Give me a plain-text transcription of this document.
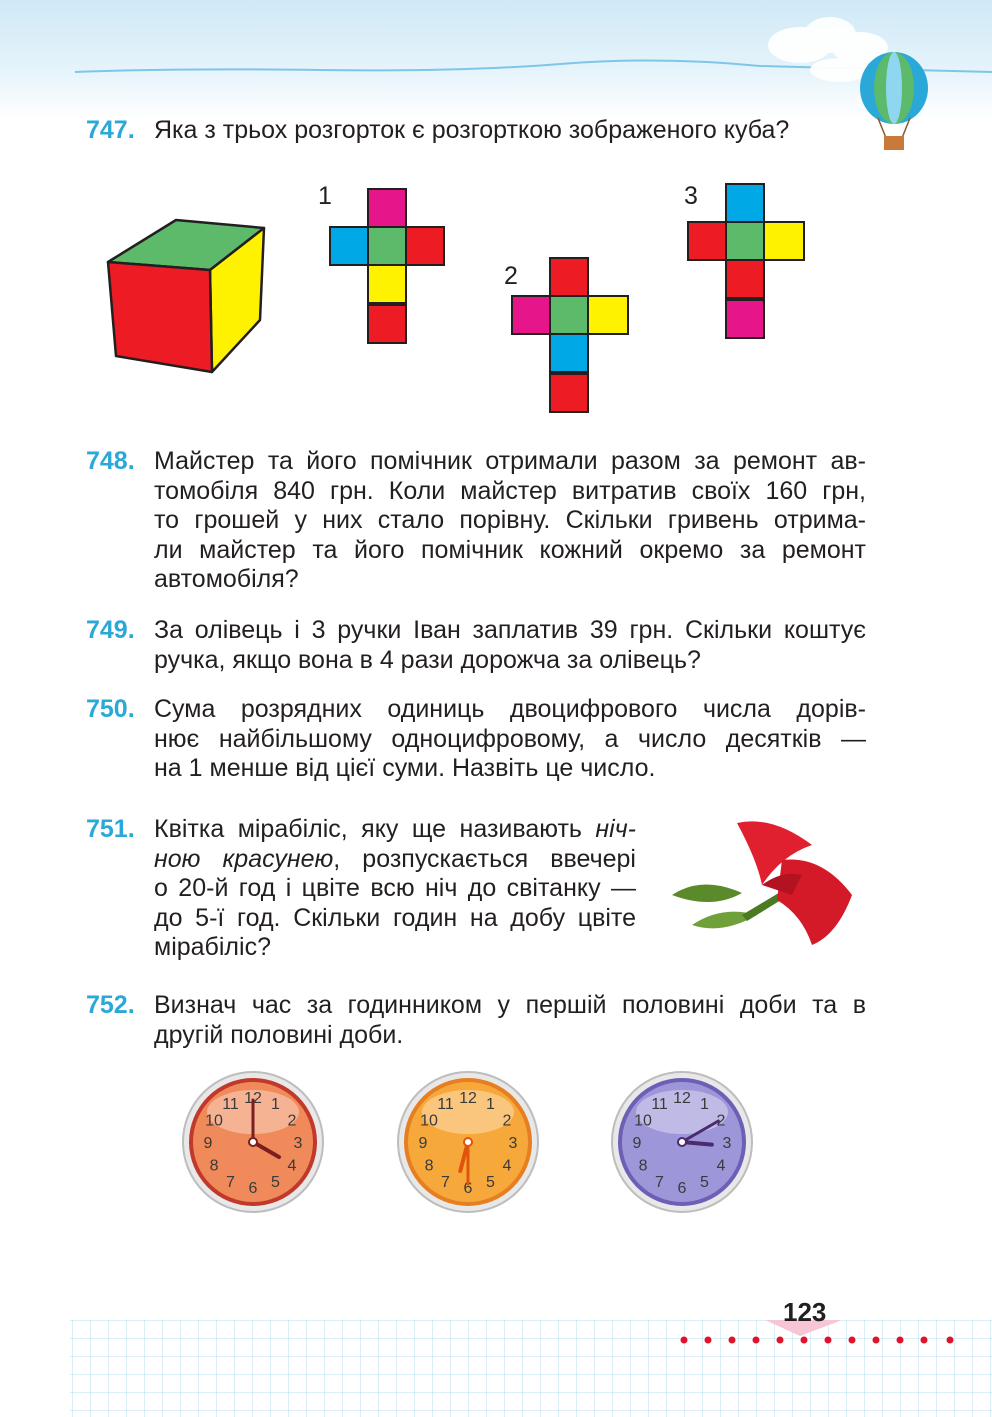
747. Яка з трьох розгорток є розгорткою зображеного куба?
1
2
3
748. Майстер та його помічник отримали разом за ремонт ав-
томобіля 840 грн. Коли майстер витратив своїх 160 грн,
то грошей у них стало порівну. Скільки гривень отрима-
ли майстер та його помічник кожний окремо за ремонт
автомобіля?
749. За олівець і 3 ручки Іван заплатив 39 грн. Скільки коштує
ручка, якщо вона в 4 рази дорожча за олівець?
750. Сума розрядних одиниць двоцифрового числа дорів-
нює найбільшому одноцифровому, а число десятків —
на 1 менше від цієї суми. Назвіть це число.
751. Квітка мірабіліс, яку ще називають ніч-
ною красунею, розпускається ввечері
о 20-й год і цвіте всю ніч до світанку —
до 5-ї год. Скільки годин на добу цвіте
мірабіліс?
752. Визнач час за годинником у першій половині доби та в
другій половині доби.
12 1
2
3
4
5
6
7
8
9
10
11	12 1
2
3
4
5
6
7
8
9
10
11	12 1
2
3
4
5
6
7
8
9
10
11
123
